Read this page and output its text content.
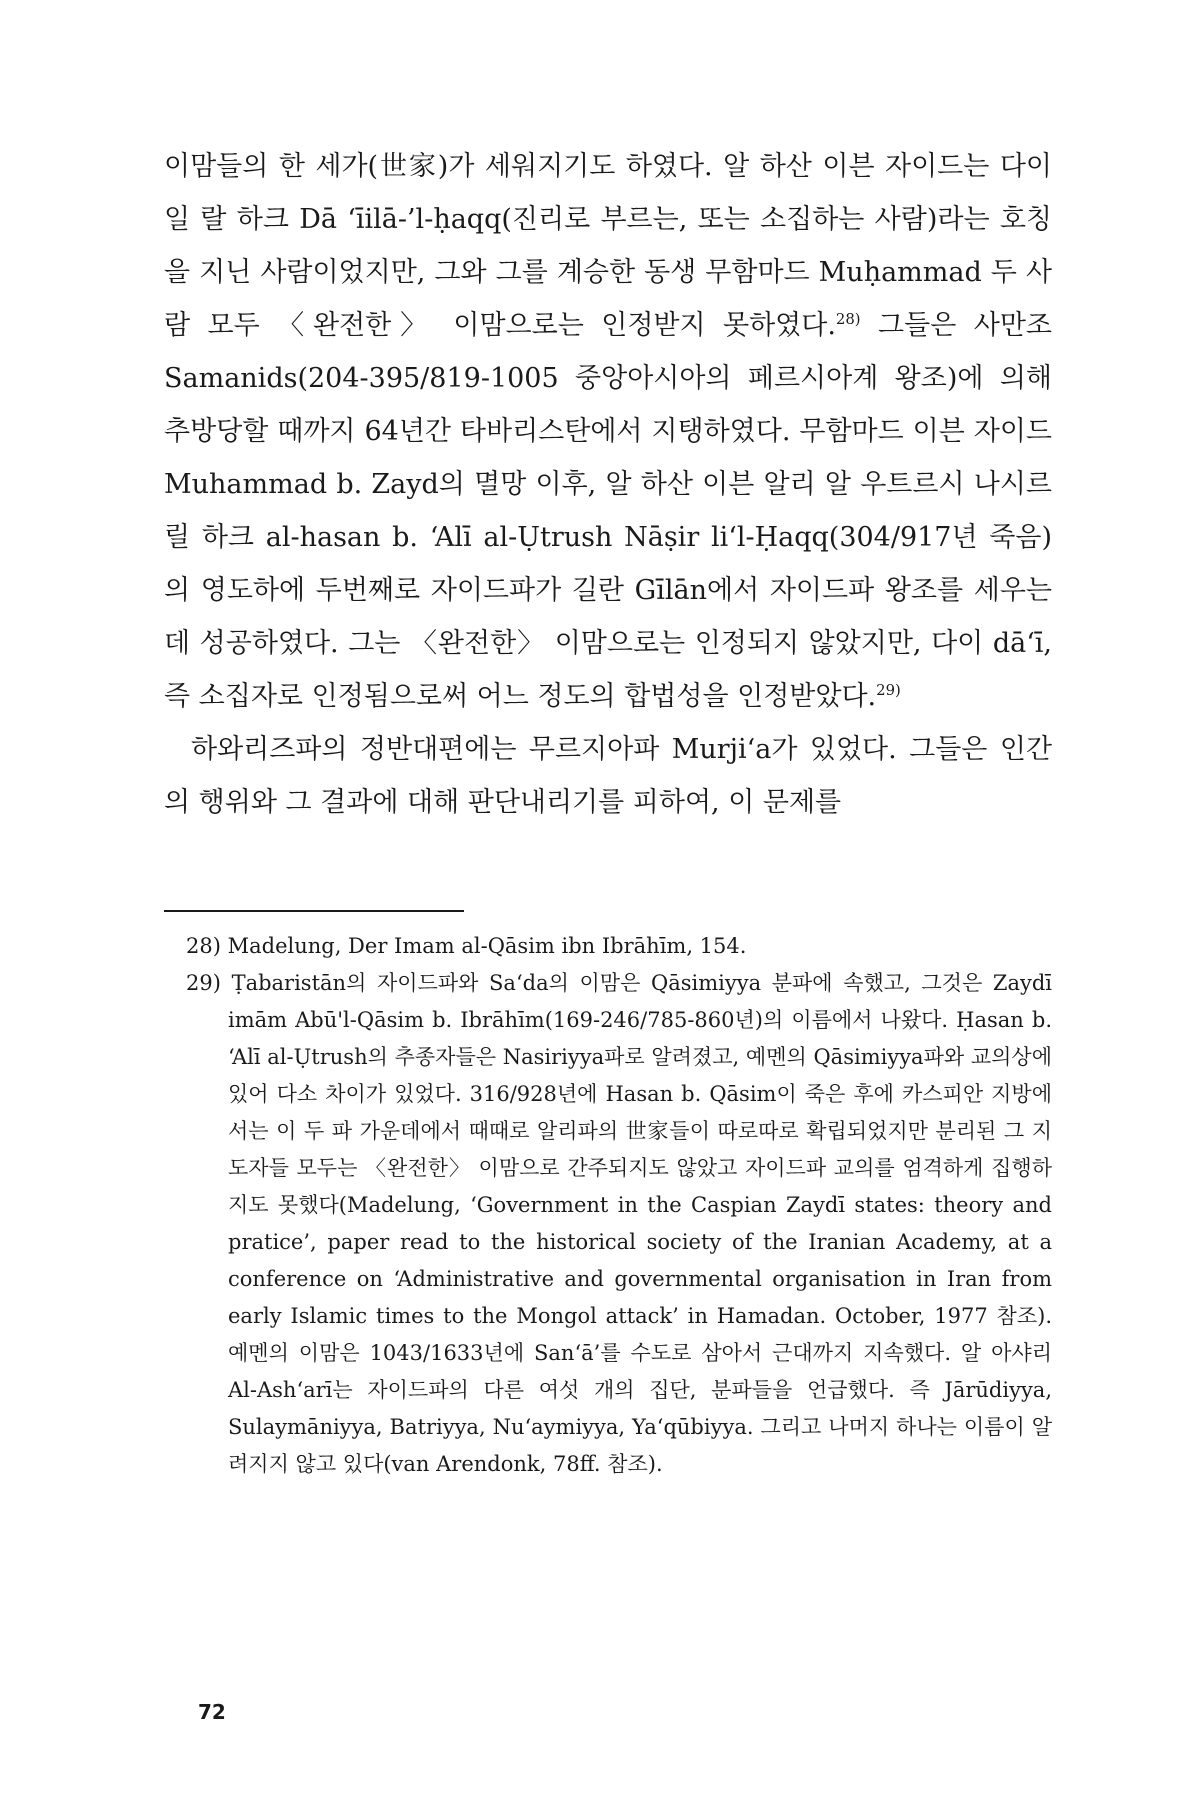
이맘들의 한 세가(世家)가 세워지기도 하였다. 알 하산 이븐 자이드는 다이 일 랄 하크 Dā ‘īilā-’l-ḥaqq(진리로 부르는, 또는 소집하는 사람)라는 호칭을 지닌 사람이었지만, 그와 그를 계승한 동생 무함마드 Muḥammad 두 사람 모두 〈완전한〉 이맘으로는 인정받지 못하였다.$^{28)}$ 그들은 사만조 Samanids(204-395/819-1005 중앙아시아의 페르시아계 왕조)에 의해 추방당할 때까지 64년간 타바리스탄에서 지탱하였다. 무함마드 이븐 자이드 Muhammad b. Zayd의 멸망 이후, 알 하산 이븐 알리 알 우트르시 나시르 릴 하크 al-hasan b. ‘Alī al-Ụtrush Nāṣir li‘l-Ḥaqq(304/917년 죽음)의 영도하에 두번째로 자이드파가 길란 Gīlān에서 자이드파 왕조를 세우는 데 성공하였다. 그는 〈완전한〉 이맘으로는 인정되지 않았지만, 다이 dā‘ī, 즉 소집자로 인정됨으로써 어느 정도의 합법성을 인정받았다.$^{29)}$

하와리즈파의 정반대편에는 무르지아파 Murji‘a가 있었다. 그들은 인간의 행위와 그 결과에 대해 판단내리기를 피하여, 이 문제를

28) Madelung, Der Imam al-Qāsim ibn Ibrāhīm, 154.

29) Ṭabaristān의 자이드파와 Sa‘da의 이맘은 Qāsimiyya 분파에 속했고, 그것은 Zaydī imām Abū'l-Qāsim b. Ibrāhīm(169-246/785-860년)의 이름에서 나왔다. Ḥasan b. ‘Alī al-Ụtrush의 추종자들은 Nasiriyya파로 알려졌고, 예멘의 Qāsimiyya파와 교의상에 있어 다소 차이가 있었다. 316/928년에 Hasan b. Qāsim이 죽은 후에 카스피안 지방에서는 이 두 파 가운데에서 때때로 알리파의 世家들이 따로따로 확립되었지만 분리된 그 지도자들 모두는 〈완전한〉 이맘으로 간주되지도 않았고 자이드파 교의를 엄격하게 집행하지도 못했다(Madelung, ‘Government in the Caspian Zaydī states: theory and pratice’, paper read to the historical society of the Iranian Academy, at a conference on ‘Administrative and governmental organisation in Iran from early Islamic times to the Mongol attack’ in Hamadan. October, 1977 참조). 예멘의 이맘은 1043/1633년에 San‘ā’를 수도로 삼아서 근대까지 지속했다. 알 아샤리 Al-Ash‘arī는 자이드파의 다른 여섯 개의 집단, 분파들을 언급했다. 즉 Jārūdiyya, Sulaymāniyya, Batriyya, Nu‘aymiyya, Ya‘qūbiyya. 그리고 나머지 하나는 이름이 알려지지 않고 있다(van Arendonk, 78ff. 참조).

72
